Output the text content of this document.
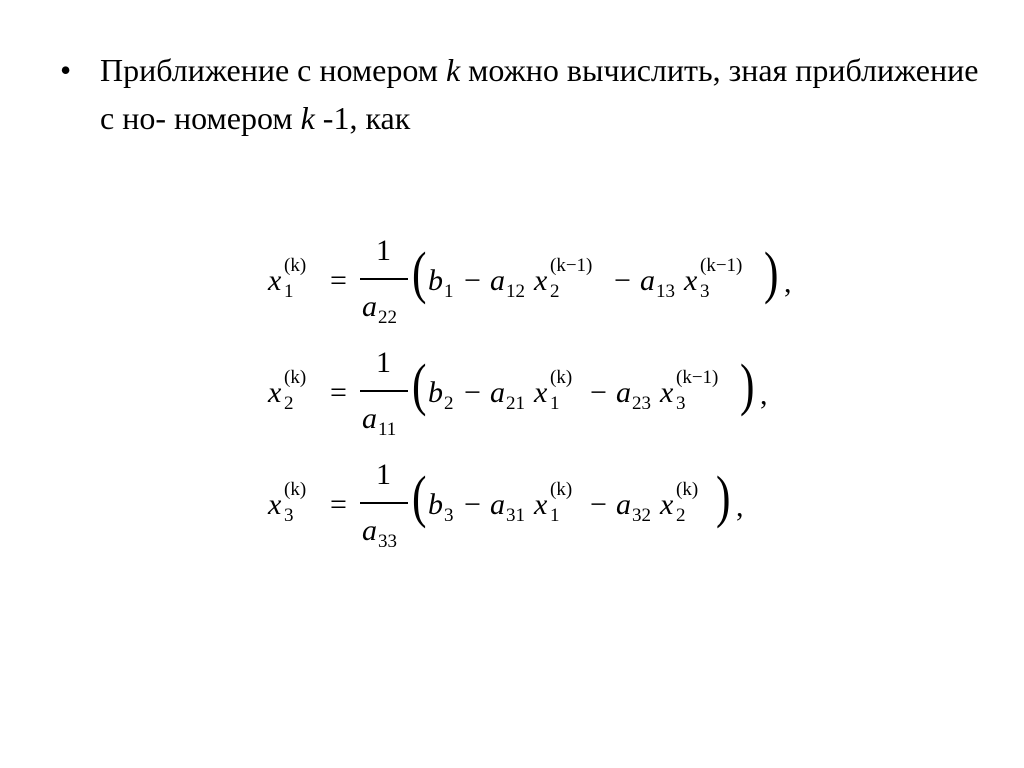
• Приближение с номером k можно вычислить, зная приближение с но- номером k -1, как
x (k)
1 =
1
a 22
( b 1 − a 12 x (k−1)
2 − a 13 x (k−1)
3 ) ,
x (k)
2 =
1
a 11
( b 2 − a 21 x (k)
1 − a 23 x (k−1)
3 ) ,
x (k)
3 =
1
a 33
( b 3 − a 31 x (k)
1 − a 32 x (k)
2 ) ,
